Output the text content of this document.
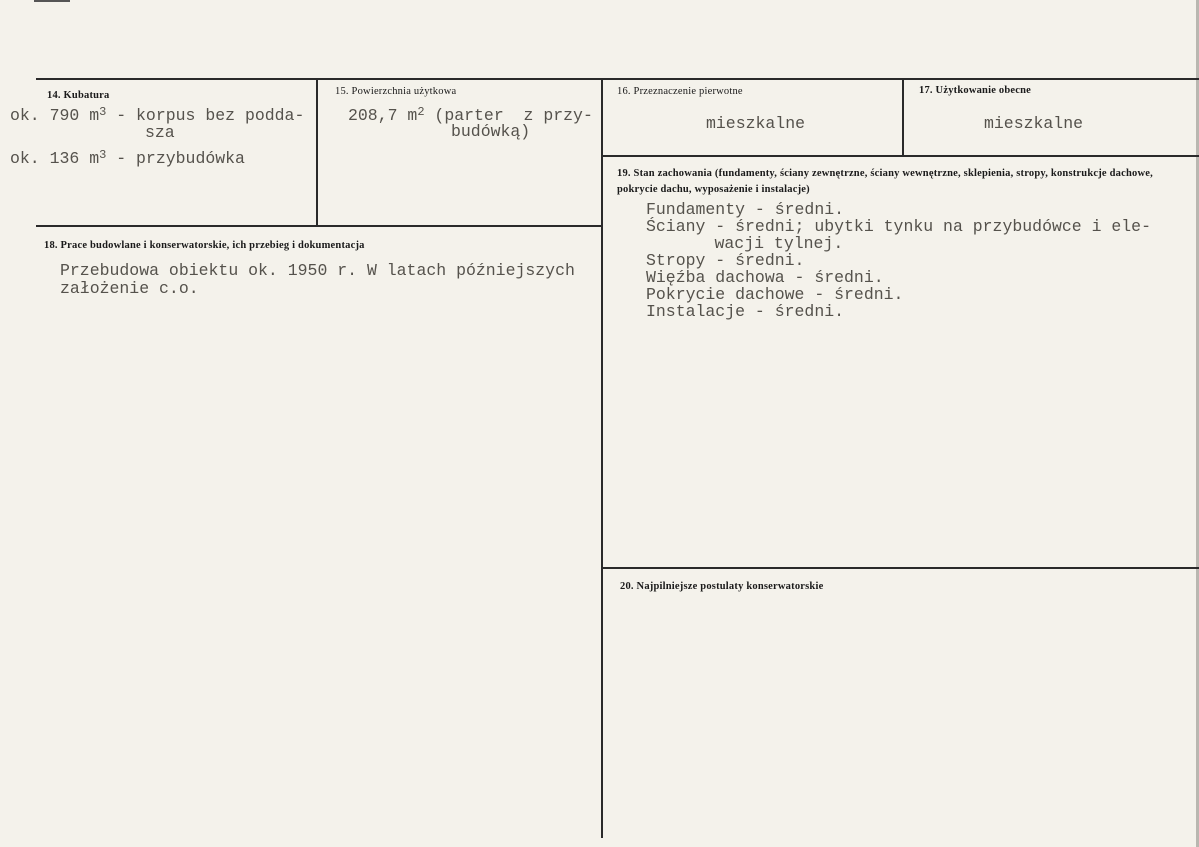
14. Kubatura
ok. 790 $m^3$ - korpus bez podda-
sza
ok. 136 $m^3$ - przybudówka
15. Powierzchnia użytkowa
208,7 $m^2$ (parter  z przy-
budówką)
16. Przeznaczenie pierwotne
mieszkalne
17. Użytkowanie obecne
mieszkalne
18. Prace budowlane i konserwatorskie, ich przebieg i dokumentacja
Przebudowa obiektu ok. 1950 r. W latach późniejszych
założenie c.o.
19. Stan zachowania (fundamenty, ściany zewnętrzne, ściany wewnętrzne, sklepienia, stropy, konstrukcje dachowe, pokrycie dachu, wyposażenie i instalacje)
Fundamenty - średni.
Ściany - średni; ubytki tynku na przybudówce i ele-
wacji tylnej.
Stropy - średni.
Więźba dachowa - średni.
Pokrycie dachowe - średni.
Instalacje - średni.
20. Najpilniejsze postulaty konserwatorskie
